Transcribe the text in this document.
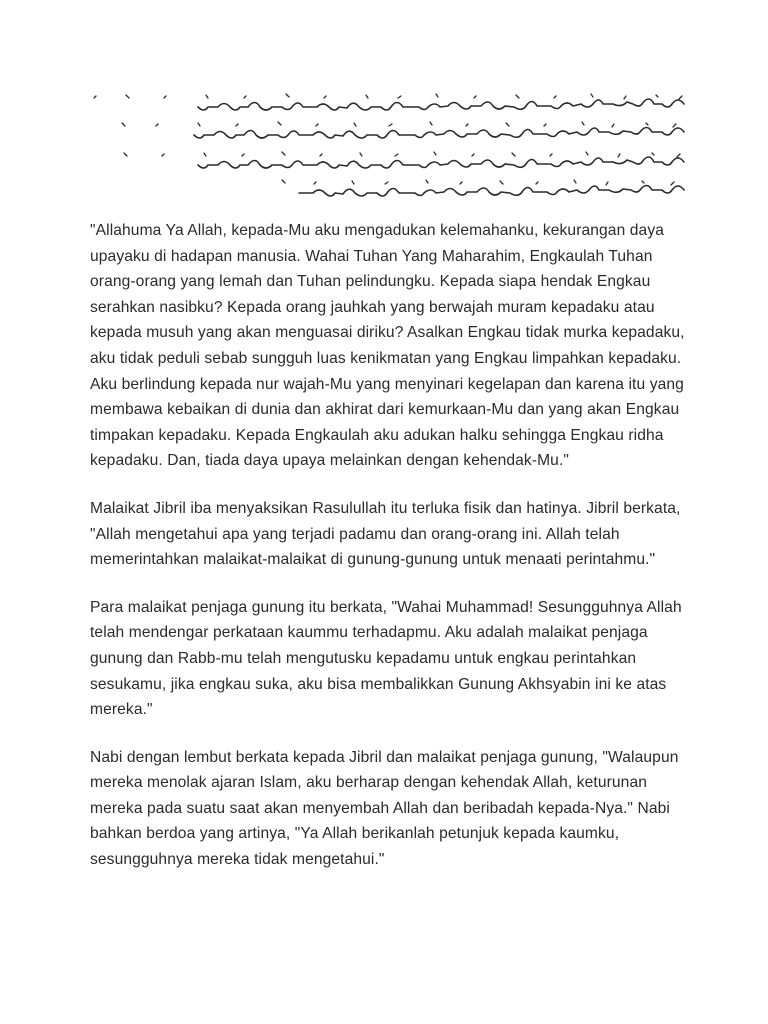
"Allahuma Ya Allah, kepada-Mu aku mengadukan kelemahanku, kekurangan daya upayaku di hadapan manusia. Wahai Tuhan Yang Maharahim, Engkaulah Tuhan orang-orang yang lemah dan Tuhan pelindungku. Kepada siapa hendak Engkau serahkan nasibku? Kepada orang jauhkah yang berwajah muram kepadaku atau kepada musuh yang akan menguasai diriku? Asalkan Engkau tidak murka kepadaku, aku tidak peduli sebab sungguh luas kenikmatan yang Engkau limpahkan kepadaku. Aku berlindung kepada nur wajah-Mu yang menyinari kegelapan dan karena itu yang membawa kebaikan di dunia dan akhirat dari kemurkaan-Mu dan yang akan Engkau timpakan kepadaku. Kepada Engkaulah aku adukan halku sehingga Engkau ridha kepadaku. Dan, tiada daya upaya melainkan dengan kehendak-Mu."

Malaikat Jibril iba menyaksikan Rasulullah itu terluka fisik dan hatinya. Jibril berkata, "Allah mengetahui apa yang terjadi padamu dan orang-orang ini. Allah telah memerintahkan malaikat-malaikat di gunung-gunung untuk menaati perintahmu."

Para malaikat penjaga gunung itu berkata, "Wahai Muhammad! Sesungguhnya Allah telah mendengar perkataan kaummu terhadapmu. Aku adalah malaikat penjaga gunung dan Rabb-mu telah mengutusku kepadamu untuk engkau perintahkan sesukamu, jika engkau suka, aku bisa membalikkan Gunung Akhsyabin ini ke atas mereka."

Nabi dengan lembut berkata kepada Jibril dan malaikat penjaga gunung, "Walaupun mereka menolak ajaran Islam, aku berharap dengan kehendak Allah, keturunan mereka pada suatu saat akan menyembah Allah dan beribadah kepada-Nya." Nabi bahkan berdoa yang artinya, "Ya Allah berikanlah petunjuk kepada kaumku, sesungguhnya mereka tidak mengetahui."
